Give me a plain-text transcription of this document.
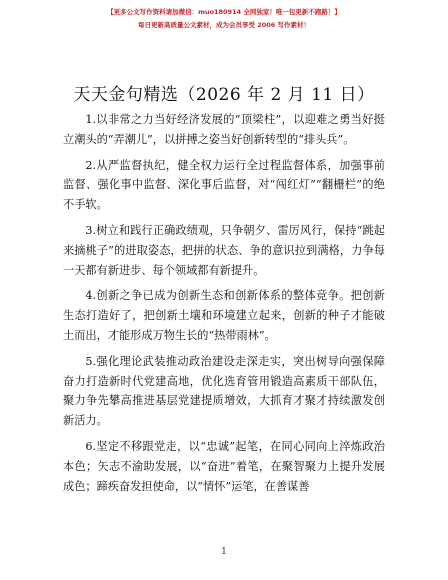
【更多公文写作资料请加微信：muo180914 全网独家！唯一包更新不跑路！】
每日更新高质量公文素材，成为会员享受 2006 写作素材！
天天金句精选（2026 年 2 月 11 日）

1.以非常之力当好经济发展的“顶梁柱”，以迎难之勇当好挺立潮头的“弄潮儿”，以拼搏之姿当好创新转型的“排头兵”。

2.从严监督执纪，健全权力运行全过程监督体系，加强事前监督、强化事中监督、深化事后监督，对“闯红灯”“翻栅栏”的绝不手软。

3.树立和践行正确政绩观，只争朝夕、雷厉风行，保持“跳起来摘桃子”的进取姿态，把拼的状态、争的意识拉到满格，力争每一天都有新进步、每个领域都有新提升。

4.创新之争已成为创新生态和创新体系的整体竞争。把创新生态打造好了，把创新土壤和环境建立起来，创新的种子才能破土而出，才能形成万物生长的“热带雨林”。

5.强化理论武装推动政治建设走深走实，突出树导向强保障奋力打造新时代党建高地，优化选育管用锻造高素质干部队伍，聚力争先攀高推进基层党建提质增效，大抓育才聚才持续激发创新活力。

6.坚定不移跟党走，以“忠诚”起笔，在同心同向上淬炼政治本色；矢志不渝助发展，以“奋进”着笔，在聚智聚力上提升发展成色；蹄疾奋发担使命，以“情怀”运笔，在善谋善

1
